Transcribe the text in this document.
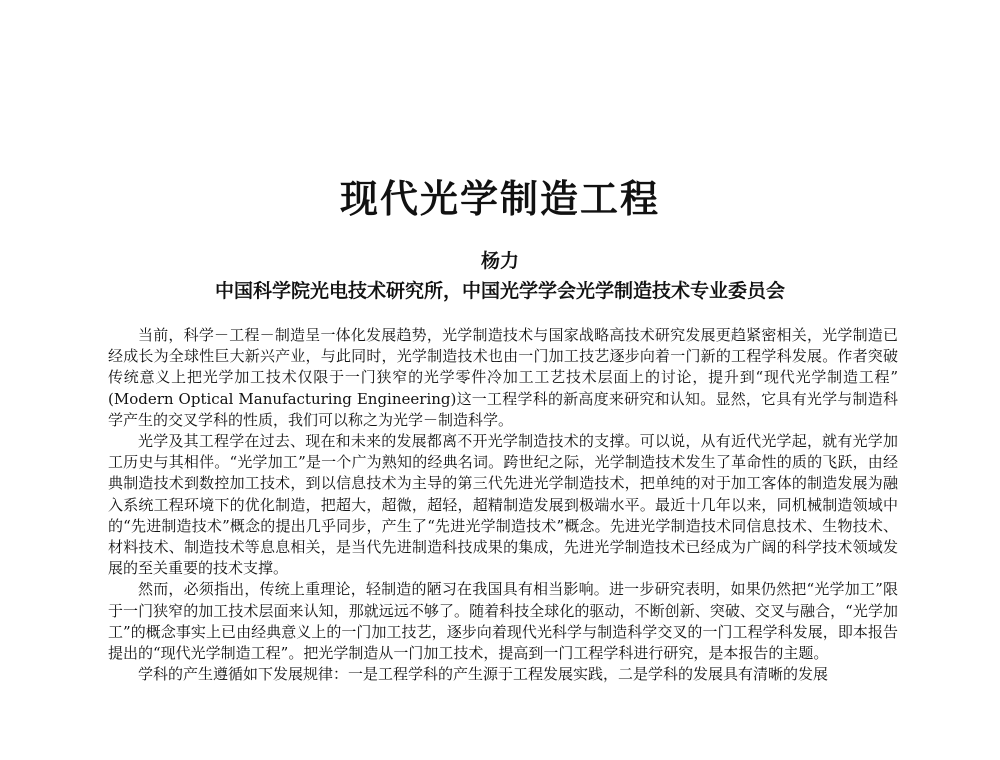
现代光学制造工程
杨力
中国科学院光电技术研究所，中国光学学会光学制造技术专业委员会

当前，科学－工程－制造呈一体化发展趋势，光学制造技术与国家战略高技术研究发展更趋紧密相关，光学制造已经成长为全球性巨大新兴产业，与此同时，光学制造技术也由一门加工技艺逐步向着一门新的工程学科发展。作者突破传统意义上把光学加工技术仅限于一门狭窄的光学零件冷加工工艺技术层面上的讨论，提升到“现代光学制造工程” (Modern Optical Manufacturing Engineering)这一工程学科的新高度来研究和认知。显然，它具有光学与制造科学产生的交叉学科的性质，我们可以称之为光学－制造科学。

光学及其工程学在过去、现在和未来的发展都离不开光学制造技术的支撑。可以说，从有近代光学起，就有光学加工历史与其相伴。“光学加工”是一个广为熟知的经典名词。跨世纪之际，光学制造技术发生了革命性的质的飞跃，由经典制造技术到数控加工技术，到以信息技术为主导的第三代先进光学制造技术，把单纯的对于加工客体的制造发展为融入系统工程环境下的优化制造，把超大，超微，超轻，超精制造发展到极端水平。最近十几年以来，同机械制造领域中的“先进制造技术”概念的提出几乎同步，产生了“先进光学制造技术”概念。先进光学制造技术同信息技术、生物技术、材料技术、制造技术等息息相关，是当代先进制造科技成果的集成，先进光学制造技术已经成为广阔的科学技术领域发展的至关重要的技术支撑。

然而，必须指出，传统上重理论，轻制造的陋习在我国具有相当影响。进一步研究表明，如果仍然把“光学加工”限于一门狭窄的加工技术层面来认知，那就远远不够了。随着科技全球化的驱动，不断创新、突破、交叉与融合，“光学加工”的概念事实上已由经典意义上的一门加工技艺，逐步向着现代光科学与制造科学交叉的一门工程学科发展，即本报告提出的“现代光学制造工程”。把光学制造从一门加工技术，提高到一门工程学科进行研究，是本报告的主题。

学科的产生遵循如下发展规律：一是工程学科的产生源于工程发展实践，二是学科的发展具有清晰的发展
